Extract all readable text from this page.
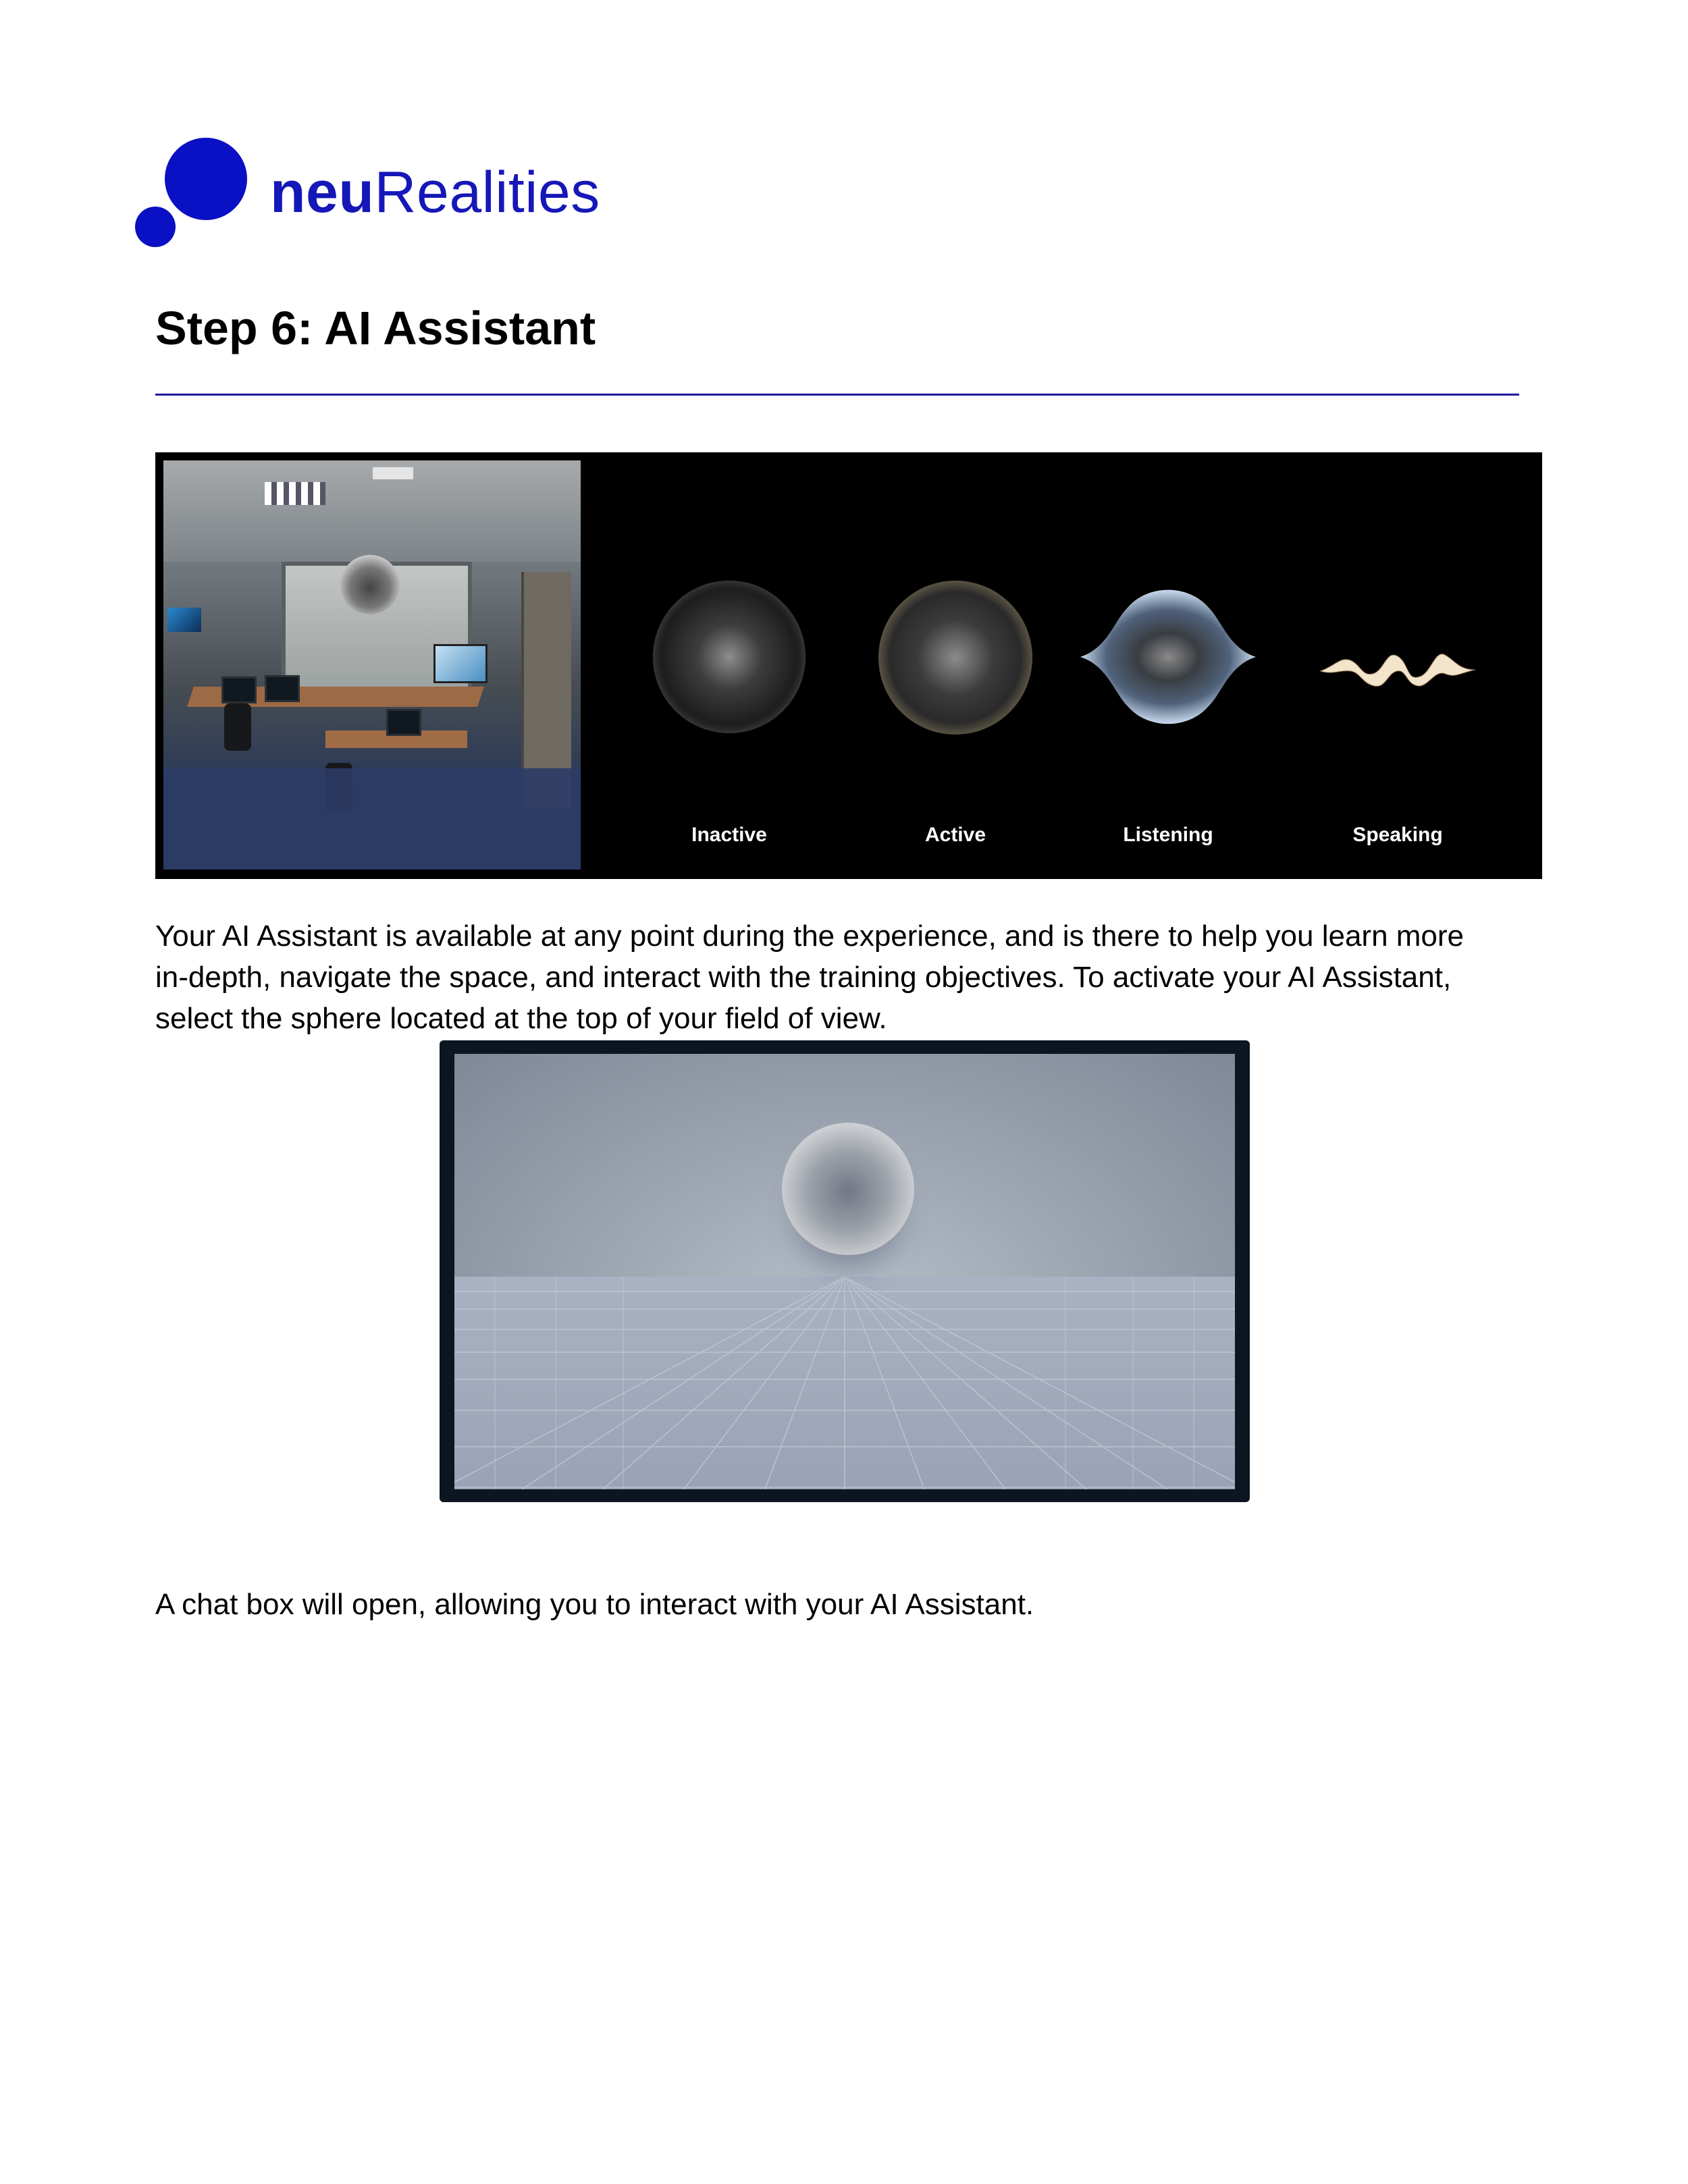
neuRealities
Step 6: AI Assistant
Inactive	Active	Listening	Speaking

Your AI Assistant is available at any point during the experience, and is there to help you learn more
in-depth, navigate the space, and interact with the training objectives. To activate your AI Assistant,
select the sphere located at the top of your field of view.

A chat box will open, allowing you to interact with your AI Assistant.
